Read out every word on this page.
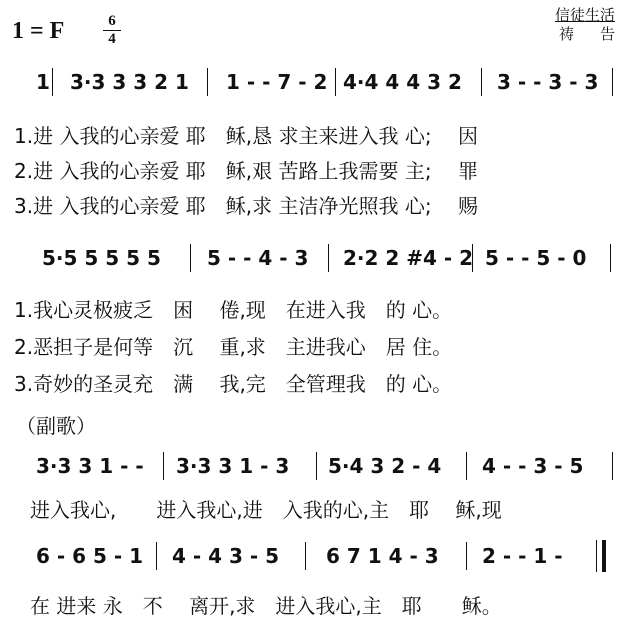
1 = F	6
4
信徒生活
祷告
1 3·3 3 3 2 1 1 - - 7 - 2 4·4 4 4 3 2 3 - - 3 - 3
1.进 入我的心亲爱 耶　稣,恳 求主来进入我 心;　 因
2.进 入我的心亲爱 耶　稣,艰 苦路上我需要 主;　 罪
3.进 入我的心亲爱 耶　稣,求 主洁净光照我 心;　 赐
5·5 5 5 5 5 5 - - 4 - 3 2·2 2 #4 - 2 5 - - 5 - 0
1.我心灵极疲乏　困　 倦,现　在进入我　的 心。
2.恶担子是何等　沉　 重,求　主进我心　居 住。
3.奇妙的圣灵充　满　 我,完　全管理我　的 心。
（副歌）
3·3 3 1 - - 3·3 3 1 - 3 5·4 3 2 - 4 4 - - 3 - 5
进入我心,　　进入我心,进　入我的心,主　耶　 稣,现
6 - 6 5 - 1 4 - 4 3 - 5 6 7 1 4 - 3 2 - - 1 -
在 进来 永　不　 离开,求　进入我心,主　耶　　稣。
